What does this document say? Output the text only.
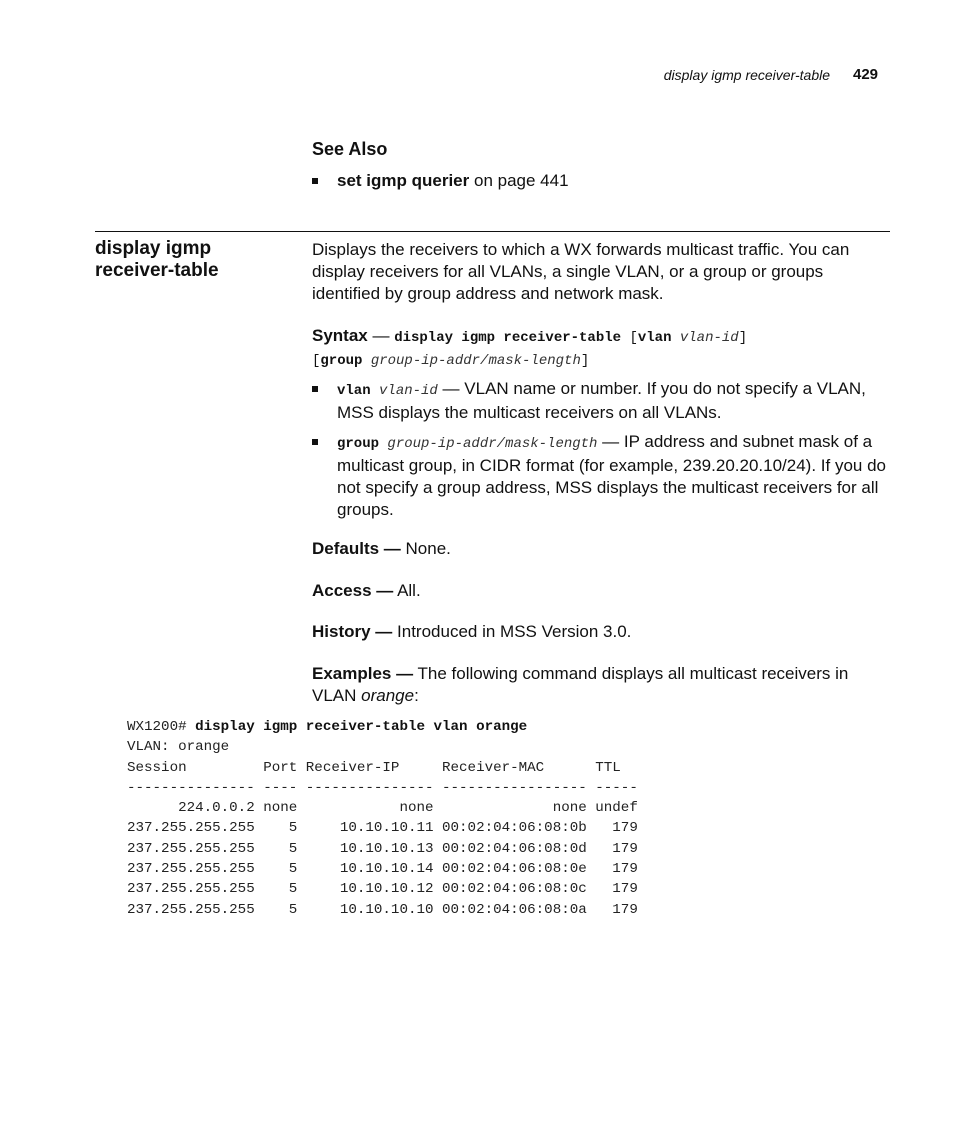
display igmp receiver-table 429
See Also
set igmp querier on page 441
display igmp
receiver-table
Displays the receivers to which a WX forwards multicast traffic. You can display receivers for all VLANs, a single VLAN, or a group or groups identified by group address and network mask.
Syntax — display igmp receiver-table [vlan vlan-id]
[group group-ip-addr/mask-length]
vlan vlan-id — VLAN name or number. If you do not specify a VLAN, MSS displays the multicast receivers on all VLANs.
group group-ip-addr/mask-length — IP address and subnet mask of a multicast group, in CIDR format (for example, 239.20.20.10/24). If you do not specify a group address, MSS displays the multicast receivers for all groups.
Defaults — None.
Access — All.
History — Introduced in MSS Version 3.0.
Examples — The following command displays all multicast receivers in VLAN orange:
WX1200# display igmp receiver-table vlan orange
VLAN: orange
Session         Port Receiver-IP     Receiver-MAC      TTL
--------------- ---- --------------- ----------------- -----
224.0.0.2 none            none              none undef
237.255.255.255    5     10.10.10.11 00:02:04:06:08:0b   179
237.255.255.255    5     10.10.10.13 00:02:04:06:08:0d   179
237.255.255.255    5     10.10.10.14 00:02:04:06:08:0e   179
237.255.255.255    5     10.10.10.12 00:02:04:06:08:0c   179
237.255.255.255    5     10.10.10.10 00:02:04:06:08:0a   179
